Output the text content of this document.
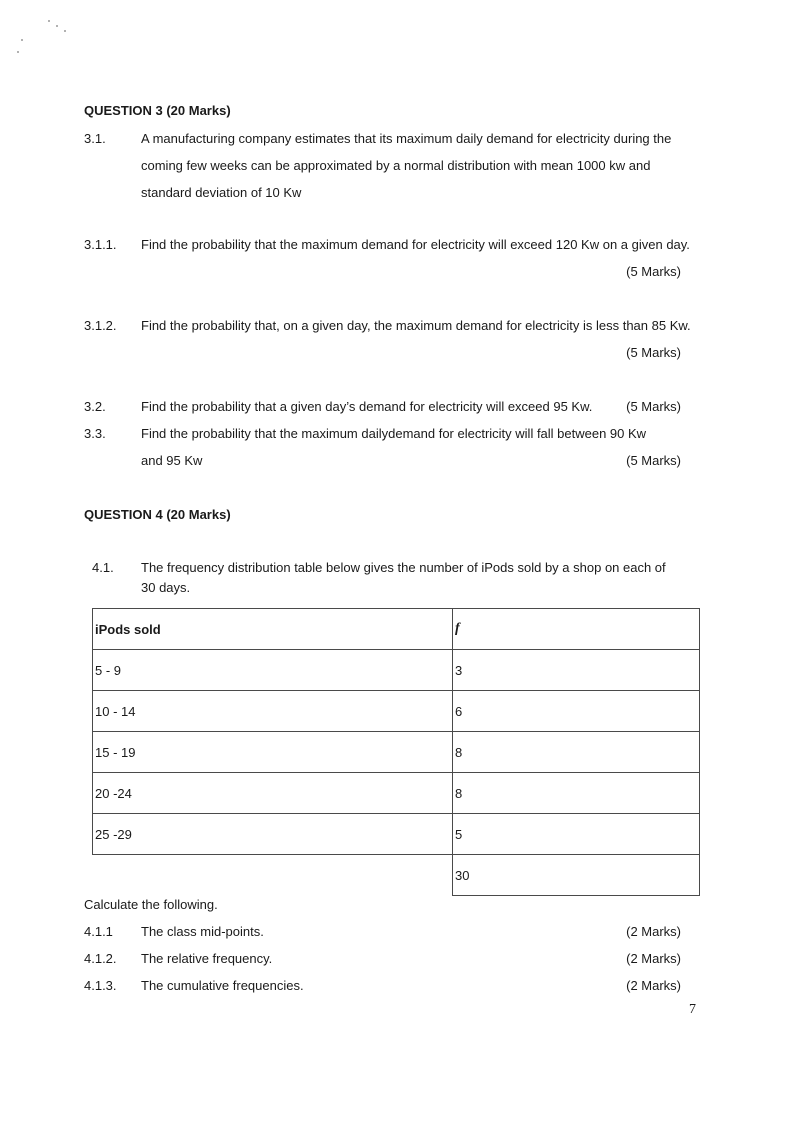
QUESTION 3 (20 Marks)
3.1.	A manufacturing company estimates that its maximum daily demand for electricity during the
coming few weeks can be approximated by a normal distribution with mean 1000 kw and
standard deviation of 10 Kw
3.1.1. Find the probability that the maximum demand for electricity will exceed 120 Kw on a given day.
(5 Marks)
3.1.2. Find the probability that, on a given day, the maximum demand for electricity is less than 85 Kw.
(5 Marks)
3.2.	Find the probability that a given day’s demand for electricity will exceed 95 Kw.	(5 Marks)
3.3.	Find the probability that the maximum dailydemand for electricity will fall between 90 Kw
and 95 Kw	(5 Marks)
QUESTION 4 (20 Marks)
4.1. The frequency distribution table below gives the number of iPods sold by a shop on each of
30 days.
iPods sold	f
5 - 9	3
10 - 14	6
15 - 19	8
20 -24	8
25 -29	5
	30
Calculate the following.
4.1.1 The class mid-points.	(2 Marks)
4.1.2. The relative frequency.	(2 Marks)
4.1.3. The cumulative frequencies.	(2 Marks)
7
